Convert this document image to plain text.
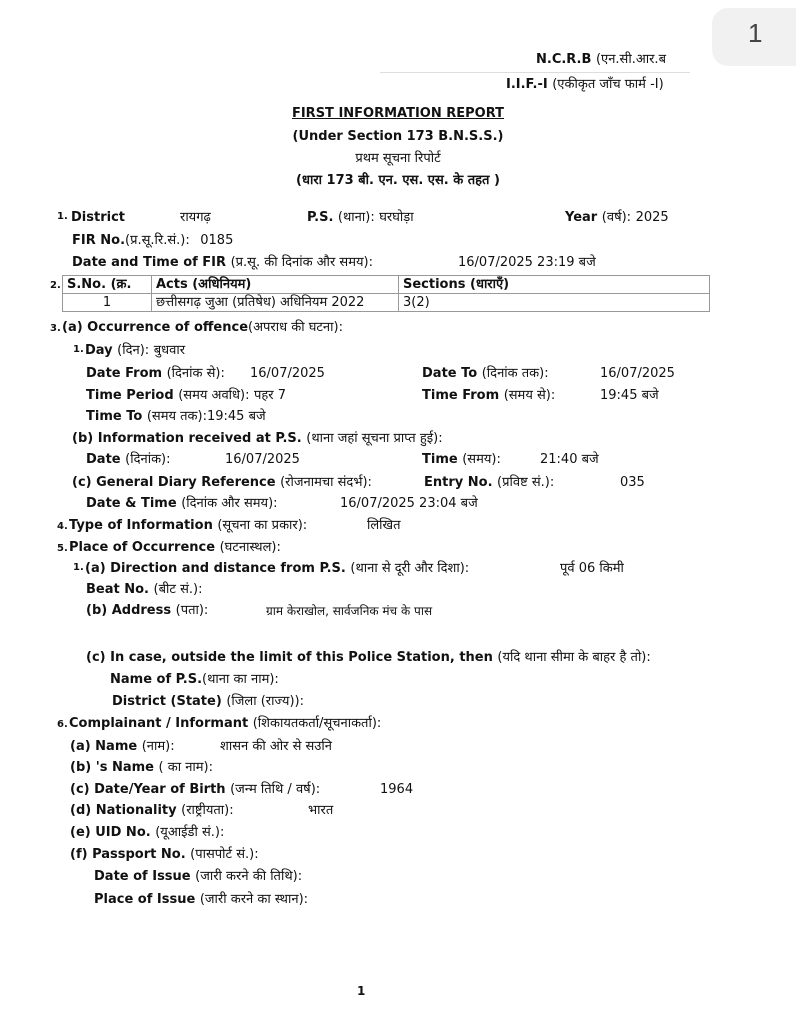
1
N.C.R.B (एन.सी.आर.ब
I.I.F.-I (एकीकृत जाँच फार्म -I)
FIRST INFORMATION REPORT
(Under Section 173 B.N.S.S.)
प्रथम सूचना रिपोर्ट
(धारा 173 बी. एन. एस. एस. के तहत )
1. District	रायगढ़	P.S. (थाना): घरघोड़ा	Year (वर्ष): 2025
FIR No.(प्र.सू.रि.सं.): 0185
Date and Time of FIR (प्र.सू. की दिनांक और समय):	16/07/2025 23:19 बजे
2. S.No. (क्र.	Acts (अधिनियम)	Sections (धाराएँ)
1	छत्तीसगढ़ जुआ (प्रतिषेध) अधिनियम 2022	3(2)
3. (a) Occurrence of offence(अपराध की घटना):
1. Day (दिन): बुधवार
Date From (दिनांक से): 16/07/2025	Date To (दिनांक तक):	16/07/2025
Time Period (समय अवधि): पहर 7	Time From (समय से):	19:45 बजे
Time To (समय तक):19:45 बजे
(b) Information received at P.S. (थाना जहां सूचना प्राप्त हुई):
Date (दिनांक):	16/07/2025	Time (समय):	21:40 बजे
(c) General Diary Reference (रोजनामचा संदर्भ):	Entry No. (प्रविष्ट सं.):	035
Date & Time (दिनांक और समय):	16/07/2025 23:04 बजे
4. Type of Information (सूचना का प्रकार):	लिखित
5. Place of Occurrence (घटनास्थल):
1. (a) Direction and distance from P.S. (थाना से दूरी और दिशा):	पूर्व 06 किमी
Beat No. (बीट सं.):
(b) Address (पता):	ग्राम केराखोल, सार्वजनिक मंच के पास
(c) In case, outside the limit of this Police Station, then (यदि थाना सीमा के बाहर है तो):
Name of P.S.(थाना का नाम):
District (State) (जिला (राज्य)):
6. Complainant / Informant (शिकायतकर्ता/सूचनाकर्ता):
(a) Name (नाम):	शासन की ओर से सउनि
(b) 's Name ( का नाम):
(c) Date/Year of Birth (जन्म तिथि / वर्ष):	1964
(d) Nationality (राष्ट्रीयता):	भारत
(e) UID No. (यूआईडी सं.):
(f) Passport No. (पासपोर्ट सं.):
Date of Issue (जारी करने की तिथि):
Place of Issue (जारी करने का स्थान):
1
